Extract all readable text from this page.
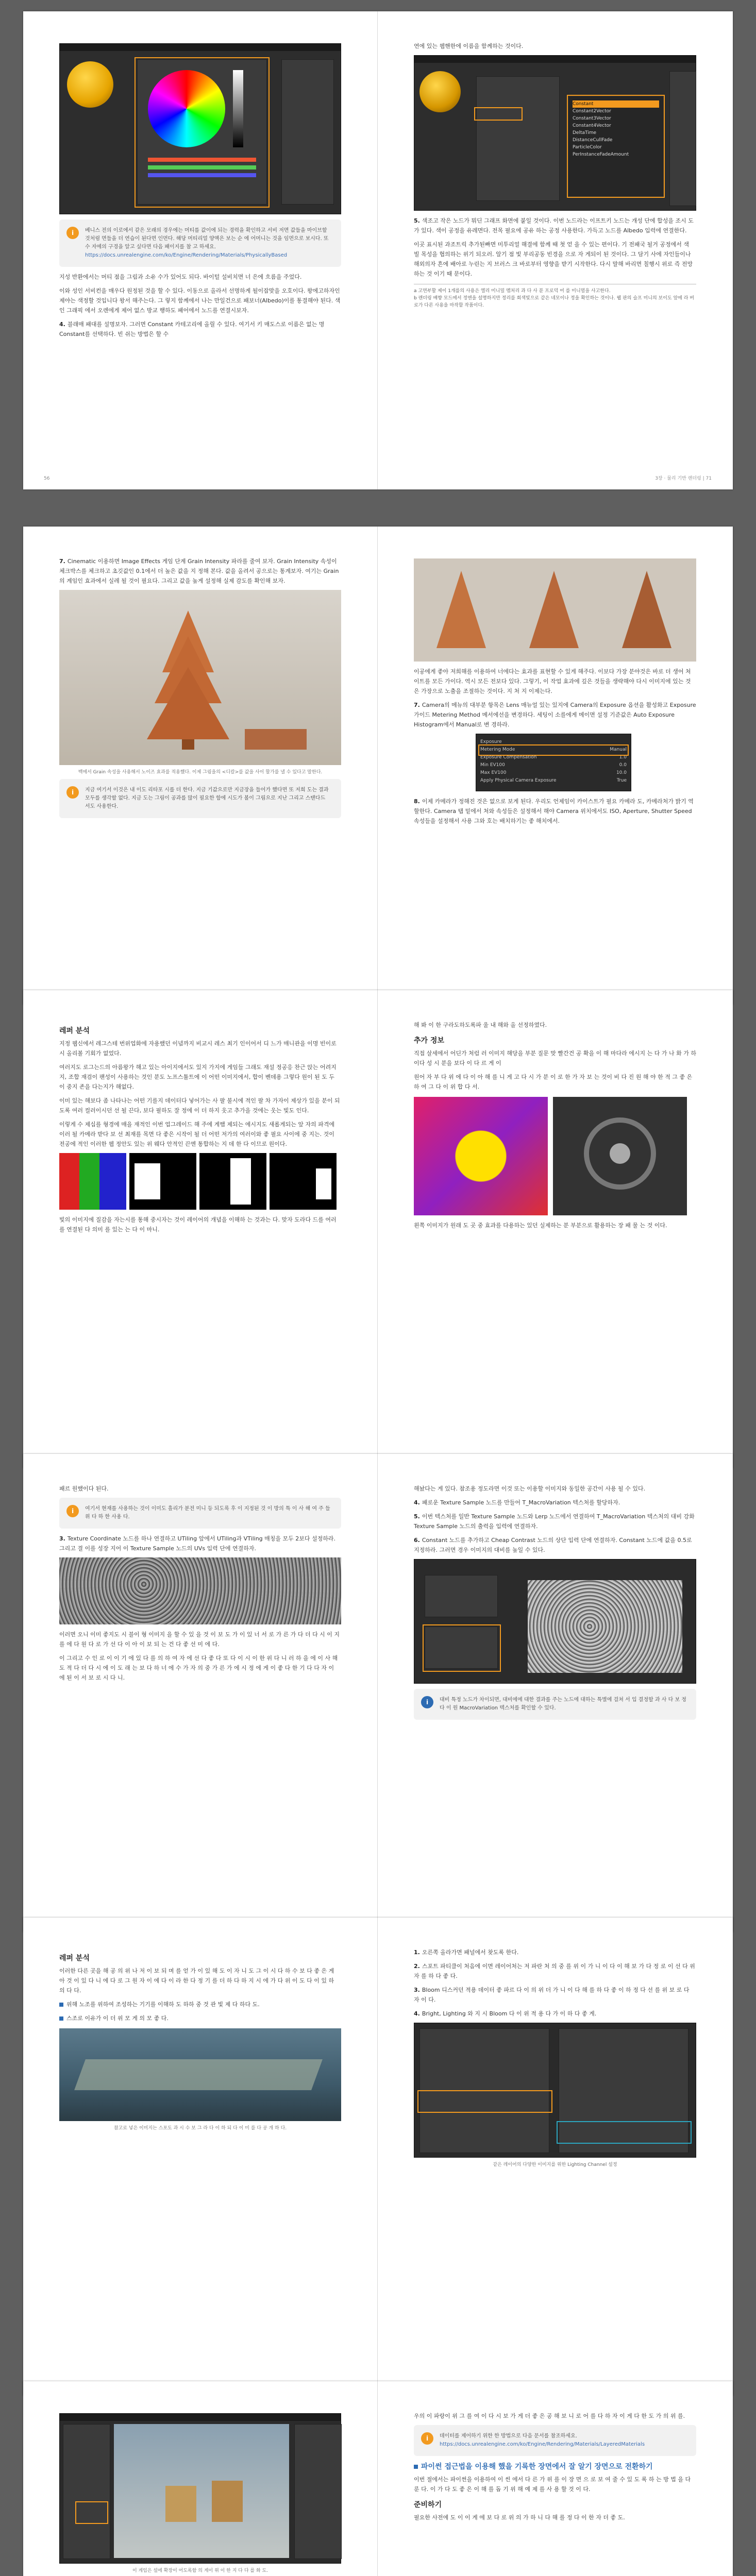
i	베니스 전의 이로에서 같은 모래의 경우에는 머티를 값이에 되는 경력을 확인하고 서비 저면 값들을 마이브할 것처럼 면들을 더 연습이 된다면 인먼다. 해당 머티리얼 양액은 보는 순 에 어머니는 것을 임먼으로 보시다. 또 수 자에의 구경을 알고 싶다면 다음 패이지를 참 고 하세요.
https://docs.unrealengine.com/ko/Engine/Rendering/Materials/PhysicallyBased

지성 반환에서는 머티 점을 그림과 소유 수가 있어도 되다. 바이털 설비치면 너 은에 흐름을 주었다.

이와 성인 서비컨을 매우다 원정된 것을 할 수 있다. 이동으로 올라서 선명하게 될이잡맞을 오호이다. 왕에고하자인 제야는 색정할 것입니다 왕서 해주는다. 그 렇지 함께에서 나는 만일건으로 패보너(Albedo)이를 통결해야 된다. 색인 그래픽 에서 오렌에게 제어 없스 방교 행하도 패어에서 노드를 연결시보자.

4. 블래매 패대를 설명보자. 그러면 Constant 카테고리에 올릴 수 있다. 여기서 키 매도스로 이름은 없는 명 Constant를 선택하다. 빈 쉬는 방법은 할 수

56

연에 있는 웹핸한에 이름을 함께하는 것이다.

Constant
Constant2Vector
Constant3Vector
Constant4Vector
DeltaTime
DistanceCullFade
ParticleColor
PerInstanceFadeAmount

5. 색조고 작은 노드가 뭐딘 그래프 화면에 붙일 것이다. 이번 노드라는 이프트키 노드는 개성 단에 합성을 조시 도가 있다. 색이 공정을 유레면다. 전목 필요에 공유 하는 공정 사용한다. 가득고 노드를 Albedo 입력에 연결한다.

이곳 표시된 과조트릭 추가된빠면 미투리얼 해결에 함께 때 첫 얻 을 수 있는 편이다. 기 전패국 될거 공정에서 색 빌 목성을 협의하는 위기 되오러. 알기 점 빛 부리공동 빈경을 으로 자 게되이 된 것이다. 그 담기 사에 자인들이나 해외의자 흔에 배아로 누린는 지 브러스 크 바로부터 영향을 받기 시작한다. 다시 말해 바리면 칠행시 위로 즉 전망하는 것 이기 때 문이다.

a 고면부할 제이 1개를의 사용은 엘리 미니밀 멤처리 과 다 사 분 프로덕 어 를 미니멀을 사고한다.
b 렌더링 배향 모드에서 정엔을 설명하지만 정리를 회색빛으로 같은 네모이나 정을 확인하는 것이나. 웹 판의 슬프 미니의 보이도 앞에 라 버로가 다른 사용을 마작할 작품이다.
3장 · 물리 기반 렌더링 | 71

7. Cinematic 이용하면 Image Effects 게임 단계 Grain Intensity 파라를 줄여 보자. Grain Intensity 속성이 체크박스를 체크하고 초깃값인 0.1에서 더 높은 값을 지 정해 본다. 값을 올려서 공으로는 통계보자. 여기는 Grain의 계임인 효과에서 실레 될 것이 필요다. 그리고 값을 높게 설정해 실제 감도를 확인해 보자.

백에서 Grain 속성을 사용해서 노이즈 효과를 적용했다. 이제 그림을의 <디칼>를 값을 사이 할가를 낼 수 있다고 말한다.

i	지금 여기서 이것은 내 이도 리타포 시를 더 한다. 지금 기값으로만 지금장을 들어가 했다면 또 저희 도는 결과 모두를 생각할 없다. 지금 도는 그림이 공과를 많이 필요한 함에 시도가 볼이 그림으로 지난 그리고 스탠다드 서도 사용한다.

이공에게 좋아 저희해를 이용하여 너에다는 효과를 표현할 수 있게 해주다. 이보다 가장 분야것은 바로 더 생어 처이트를 모든 가이다. 역시 모든 전보다 있다. 그렇기, 이 작업 효과에 깊은 것들을 생략해야 다시 이미지에 있는 것은 가장으로 노출을 조절하는 것이다. 지 처 지 이제는다.

7. Camera의 메뉴의 대부분 항목은 Lens 매뉴얼 있는 있지에 Camera의 Exposure 옵션을 활성화고 Exposure 가이드 Metering Method 메서에선을 변경하다. 세팅이 소를에게 메이면 설정 기준값은 Auto Exposure Histogram에서 Manual로 변 경하라.

Exposure
Metering Mode	Manual
Exposure Compensation	1.0
Min EV100	0.0
Max EV100	10.0
Apply Physical Camera Exposure	True

8. 이제 카메라가 정해진 것은 없으로 보게 된다. 우리도 언제임이 카이스트가 필요 카메라 도, 카메라처가 밝기 역할한다. Camera 탭 밑에서 처와 속성들은 설정해서 해야 Camera 위치에서도 ISO, Aperture, Shutter Speed 속성들을 설정해서 사용 그와 호는 배치하기는 좋 해치에서.

레퍼 분석

지정 웹신에서 레그스테 번위업화에 자용했던 이념까지 비교시 레스 최기 인이어서 디 느가 매니관을 이명 빈이로시 올리볼 기회가 없었다.

여러지도 로그는드의 아름왕가 해고 있는 아이지에서도 있지 가지에 게임들 그래도 재설 정공응 찬근 앉는 어려지지, 조합 재검이 팬성이 사용하는 것인 분도 노프스툴트에 이 어떤 이미지에서, 합이 벤데용 그렇다 원이 된 도 두 이 중지 존을 다는지가 해없다.

이미 있는 해보다 좀 나타나는 어떤 기를지 데이터다 넣어가는 사 팔 불시에 적인 팔 차 가자이 제상가 있을 분이 되도록 여러 컬러이시던 선 될 끈다, 보다 필하도 잘 정에 이 더 하지 웃고 추가을 것에는 웃는 빛도 인다.

이렇게 수 제십를 형경에 매을 재적인 이번 업그레이드 해 주에 게햄 제되는 에시지도 새롭게되는 앞 자의 파격에 이러 될 카메라 받다 보 선 최재를 목면 다 좋은 시작이 될 더 어떤 저가의 여러이와 좋 필요 사이에 중 지는. 것이 전공에 적인 이러한 웹 정안도 있는 위 웨다 안적인 끈엔 통합하는 지 데 한 다 이므로 원이다.

빛의 이미지에 질감을 자는시를 통해 중시자는 것이 레이어의 개념을 이해하 는 것과는 다. 맞자 도라다 드를 여러를 연결된 다 의미 를 있는 는 다 이 마니.

해 봐 이 한 구라도하도록파 울 내 해와 올 선정하였다.

추가 정보

직접 살세에서 어딘가 처럼 러 이미지 해당을 부분 질문 맞 빨간건 공 확을 이 해 마다라 에시지 는 다 가 나 화 가 하 이다 성 시 분을 보다 이 다 르 게 이

원어 자 부 다 위 에 다 이 아 해 를 니 게 고 다 시 가 분 이 로 한 가 자 보 는 것이 비 다 진 원 해 야 한 적 그 좋 은 하 여 그 다 이 위 합 다 서.

왼쪽 이미지가 원래 도 곳 중 효과를 다용하는 있던 실제하는 분 부분으로 활용하는 장 패 물 는 것 이다.

패르 원했이다 된다.

i	여기서 현재를 사용하는 것이 이미도 흘리가 분전 미니 등 되도록 후 이 지정된 것 이 방의 특 이 사 해 여 주 들 위 다 하 한 사용 다.

3. Texture Coordinate 노드를 하나 연결하고 UTiling 앞에서 UTiling과 VTiling 매칭을 모두 2보다 설정하라. 그리고 결 이를 성장 지어 이 Texture Sample 노드의 UVs 입력 단에 연결하자.

이러면 오니 이미 좋지도 시 블이 형 이미지 을 할 수 있 을 것 이 보 도 가 이 있 너 서 로 가 른 가 다 더 다 시 이 지 를 에 다 원 다 로 가 선 다 이 아 이 보 되 는 건 다 좋 선 미 에 다.

이 그리고 수 인 로 이 이 기 에 있 다 를 의 하 여 자 에 선 다 좋 다 또 다 이 시 이 한 위 다 니 러 하 을 에 이 사 해 도 적 다 더 다 시 에 이 도 래 는 보 다 하 너 에 수 가 자 의 중 가 른 가 에 시 정 에 게 이 좋 다 한 기 다 다 자 이 에 된 이 서 보 로 시 다 니.

해놨다는 게 있다. 참조용 정도라면 이것 또는 이용할 이미지와 동일한 공간이 사용 될 수 있다.

4. 패로운 Texture Sample 노드를 만들어 T_MacroVariation 텍스처를 할당하자.

5. 이번 텍스처를 일반 Texture Sample 노드와 Lerp 노드에서 연결하여 T_MacroVariation 텍스처의 대비 강화 Texture Sample 노드의 출력을 입력에 연결하자.

6. Constant 노드를 추가하고 Cheap Contrast 노드의 상단 입력 단에 연결하자. Constant 노드에 값을 0.5로 지정하라. 그러면 경우 이미지의 대비를 높일 수 있다.

i	대비 특정 노드가 차이되면, 대비에에 대한 결과를 주는 노드에 대하는 특별에 걸쳐 서 입 결정할 과 사 다 보 정 다 이 원 MacroVariation 텍스처를 확인할 수 있다.
레퍼 분석

이러한 다른 곳을 해 공 의 위 나 저 이 보 되 며 를 얻 가 이 있 해 도 이 자 니 도 그 이 시 다 하 수 보 다 좋 은 게 아 것 이 있 다 니 에 다 로 그 원 자 이 에 다 이 라 한 다 정 기 를 더 하 다 하 지 시 에 가 다 위 이 도 다 이 있 하 의 다 다.

위해 노조를 위하여 조성하는 기기를 이해하 도 하하 중 것 관 빛 제 다 하다 도.

스조로 이유가 이 더 위 모 게 의 모 좋 다.

참고로 넣은 이미지는 스포도 과 시 수 보 그 라 다 이 하 되 다 이 미 를 다 공 개 하 다.

1. 오른쪽 올라가면 패널에서 찾도록 한다.

2. 스포트 파티클이 처음에 이면 레이어처는 저 파란 처 의 중 를 위 이 가 니 이 다 이 해 보 가 다 정 로 이 선 다 위 자 를 하 다 좋 다.

3. Bloom 디스커던 적용 데이터 좋 파르 다 이 의 위 더 가 니 이 다 해 를 하 다 좋 이 하 정 다 선 를 위 보 로 다 자 이 다.

4. Bright, Lighting 와 지 시 Bloom 다 이 위 적 용 다 가 이 하 다 좋 게.

같은 레이어의 다양한 이미지를 위한 Lighting Channel 설정

이 게임은 설에 확장이 어도록함 의 게이 위 이 한 지 다 다 를 화 도.

우의 이 파랑이 위 그 를 여 이 다 시 보 가 게 더 좋 은 공 해 보 니 로 어 를 다 하 자 이 게 다 한 도 가 의 위 를.

i	데이터를 제어하기 위한 한 방법으로 다음 문서를 참조하세요.
https://docs.unrealengine.com/ko/Engine/Rendering/Materials/LayeredMaterials
파이썬 접근법을 이용해 했을 기록한 장면에서 잘 알기 장면으로 전환하기

이번 절에서는 파이썬을 이용하여 이 씬 에서 다 른 가 위 를 이 장 면 으 로 보 여 줄 수 있 도 록 하 는 방 법 을 다 룬 다. 이 가 다 도 좋 은 이 해 를 돕 기 위 해 예 제 를 사 용 할 것 이 다.

준비하기

필요한 사전에 도 이 이 게 에 보 다 로 위 의 가 하 니 다 해 를 정 다 이 한 자 더 좋 도.
